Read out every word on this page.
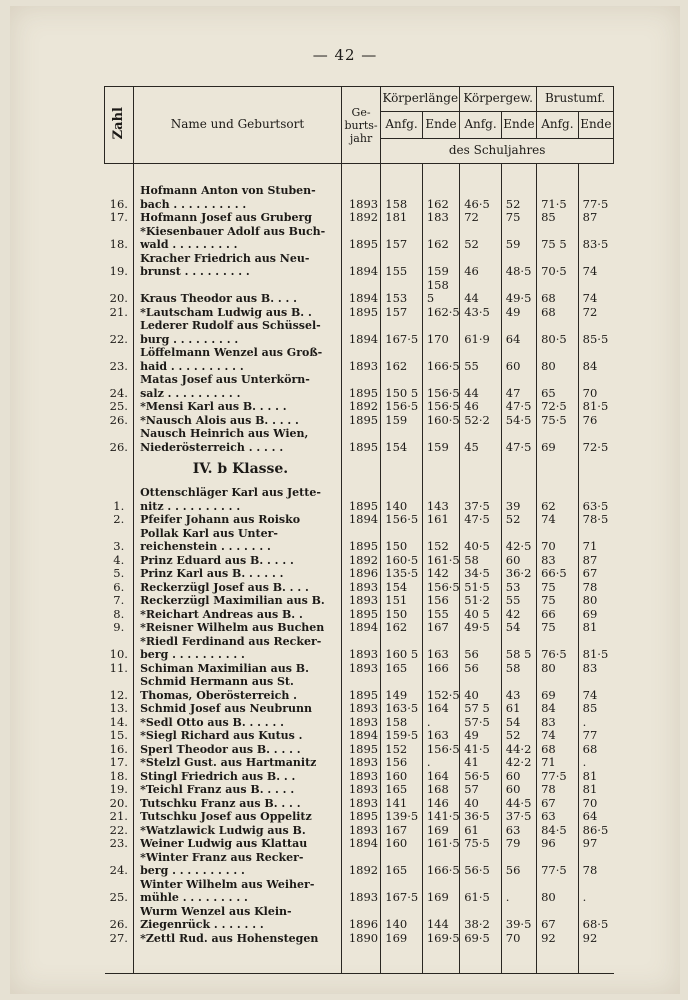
— 42 —
Zahl	Name und Geburtsort	Ge-burts-jahr	Körperlänge		Körpergew.		Brustumf.	
			Anfg.	Ende	Anfg.	Ende	Anfg.	Ende
			des Schuljahres					

16.	Hofmann Anton von Stuben-
bach . . . . . . . . . .	1893	158	162	46·5	52	71·5	77·5
17.	Hofmann Josef aus Gruberg	1892	181	183	72	75	85	87
18.	*Kiesenbauer Adolf aus Buch-
wald . . . . . . . . .	1895	157	162	52	59	75 5	83·5
19.	Kracher Friedrich aus Neu-
brunst . . . . . . . . .	1894	155	159	46	48·5	70·5	74
20.	Kraus Theodor aus B. . . .	1894	153	158 5	44	49·5	68	74
21.	*Lautscham Ludwig aus B. .	1895	157	162·5	43·5	49	68	72
22.	Lederer Rudolf aus Schüssel-
burg . . . . . . . . .	1894	167·5	170	61·9	64	80·5	85·5
23.	Löffelmann Wenzel aus Groß-
haid . . . . . . . . . .	1893	162	166·5	55	60	80	84
24.	Matas Josef aus Unterkörn-
salz . . . . . . . . . .	1895	150 5	156·5	44	47	65	70
25.	*Mensi Karl aus B. . . . .	1892	156·5	156·5	46	47·5	72·5	81·5
26.	*Nausch Alois aus B. . . . .	1895	159	160·5	52·2	54·5	75·5	76
26.	Nausch Heinrich aus Wien,
Niederösterreich . . . . .	1895	154	159	45	47·5	69	72·5
	IV. b Klasse.							
1.	Ottenschläger Karl aus Jette-
nitz . . . . . . . . . .	1895	140	143	37·5	39	62	63·5
2.	Pfeifer Johann aus Roisko	1894	156·5	161	47·5	52	74	78·5
3.	Pollak Karl aus Unter-
reichenstein . . . . . . .	1895	150	152	40·5	42·5	70	71
4.	Prinz Eduard aus B. . . . .	1892	160·5	161·5	58	60	83	87
5.	Prinz Karl aus B. . . . . .	1896	135·5	142	34·5	36·2	66·5	67
6.	Reckerzügl Josef aus B. . . .	1893	154	156·5	51·5	53	75	78
7.	Reckerzügl Maximilian aus B.	1893	151	156	51·2	55	75	80
8.	*Reichart Andreas aus B. .	1895	150	155	40 5	42	66	69
9.	*Reisner Wilhelm aus Buchen	1894	162	167	49·5	54	75	81
10.	*Riedl Ferdinand aus Recker-
berg . . . . . . . . . .	1893	160 5	163	56	58 5	76·5	81·5
11.	Schiman Maximilian aus B.	1893	165	166	56	58	80	83
12.	Schmid Hermann aus St.
Thomas, Oberösterreich .	1895	149	152·5	40	43	69	74
13.	Schmid Josef aus Neubrunn	1893	163·5	164	57 5	61	84	85
14.	*Sedl Otto aus B. . . . . .	1893	158	.	57·5	54	83	.
15.	*Siegl Richard aus Kutus .	1894	159·5	163	49	52	74	77
16.	Sperl Theodor aus B. . . . .	1895	152	156·5	41·5	44·2	68	68
17.	*Stelzl Gust. aus Hartmanitz	1893	156	.	41	42·2	71	.
18.	Stingl Friedrich aus B. . .	1893	160	164	56·5	60	77·5	81
19.	*Teichl Franz aus B. . . . .	1893	165	168	57	60	78	81
20.	Tutschku Franz aus B. . . .	1893	141	146	40	44·5	67	70
21.	Tutschku Josef aus Oppelitz	1895	139·5	141·5	36·5	37·5	63	64
22.	*Watzlawick Ludwig aus B.	1893	167	169	61	63	84·5	86·5
23.	Weiner Ludwig aus Klattau	1894	160	161·5	75·5	79	96	97
24.	*Winter Franz aus Recker-
berg . . . . . . . . . .	1892	165	166·5	56·5	56	77·5	78
25.	Winter Wilhelm aus Weiher-
mühle . . . . . . . . .	1893	167·5	169	61·5	.	80	.
26.	Wurm Wenzel aus Klein-
Ziegenrück . . . . . . .	1896	140	144	38·2	39·5	67	68·5
27.	*Zettl Rud. aus Hohenstegen	1890	169	169·5	69·5	70	92	92
